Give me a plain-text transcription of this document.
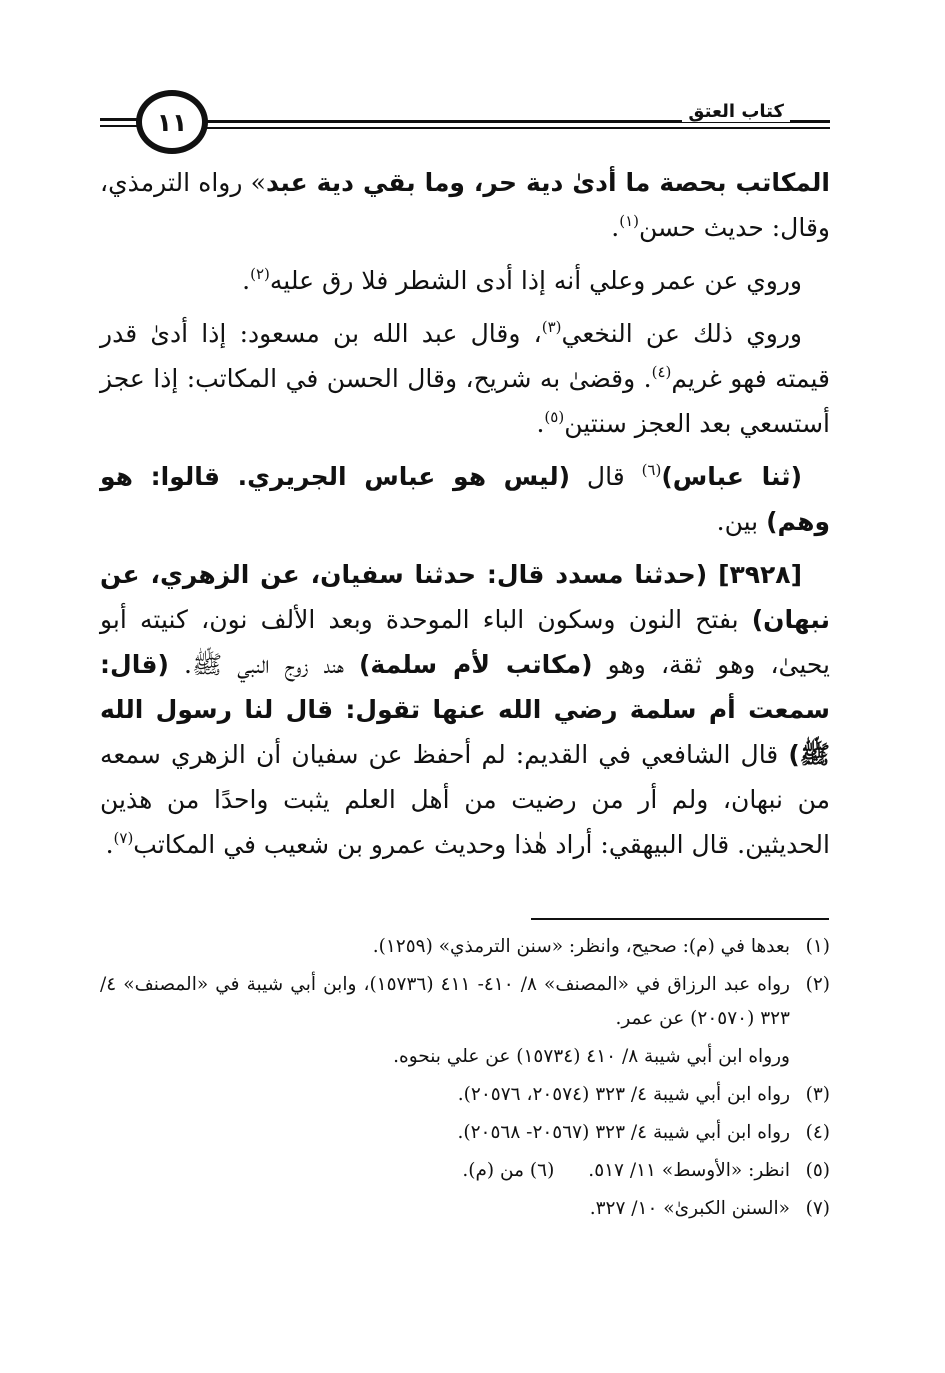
١١	كتاب العتق

المكاتب بحصة ما أدىٰ دية حر، وما بقي دية عبد» رواه الترمذي، وقال: حديث حسن$^{(١)}$.

وروي عن عمر وعلي أنه إذا أدى الشطر فلا رق عليه$^{(٢)}$.

وروي ذلك عن النخعي$^{(٣)}$، وقال عبد الله بن مسعود: إذا أدىٰ قدر قيمته فهو غريم$^{(٤)}$. وقضىٰ به شريح، وقال الحسن في المكاتب: إذا عجز أستسعي بعد العجز سنتين$^{(٥)}$.

(ثنا عباس)$^{(٦)}$ قال (ليس هو عباس الجريري. قالوا: هو وهم) بين.

[٣٩٢٨] (حدثنا مسدد قال: حدثنا سفيان، عن الزهري، عن نبهان) بفتح النون وسكون الباء الموحدة وبعد الألف نون، كنيته أبو يحيىٰ، وهو ثقة، وهو (مكاتب لأم سلمة) هند زوج النبي ﷺ. (قال: سمعت أم سلمة رضي الله عنها تقول: قال لنا رسول الله ﷺ) قال الشافعي في القديم: لم أحفظ عن سفيان أن الزهري سمعه من نبهان، ولم أر من رضيت من أهل العلم يثبت واحدًا من هذين الحديثين. قال البيهقي: أراد هٰذا وحديث عمرو بن شعيب في المكاتب$^{(٧)}$.

(١)
بعدها في (م): صحيح، وانظر: «سنن الترمذي» (١٢٥٩).
(٢)
رواه عبد الرزاق في «المصنف» ٨/ ٤١٠- ٤١١ (١٥٧٣٦)، وابن أبي شيبة في «المصنف» ٤/ ٣٢٣ (٢٠٥٧٠) عن عمر.
ورواه ابن أبي شيبة ٨/ ٤١٠ (١٥٧٣٤) عن علي بنحوه.
(٣)
رواه ابن أبي شيبة ٤/ ٣٢٣ (٢٠٥٧٤، ٢٠٥٧٦).
(٤)
رواه ابن أبي شيبة ٤/ ٣٢٣ (٢٠٥٦٧- ٢٠٥٦٨).
(٥)
انظر: «الأوسط» ١١/ ٥١٧.(٦) من (م).
(٧)
«السنن الكبرىٰ» ١٠/ ٣٢٧.
